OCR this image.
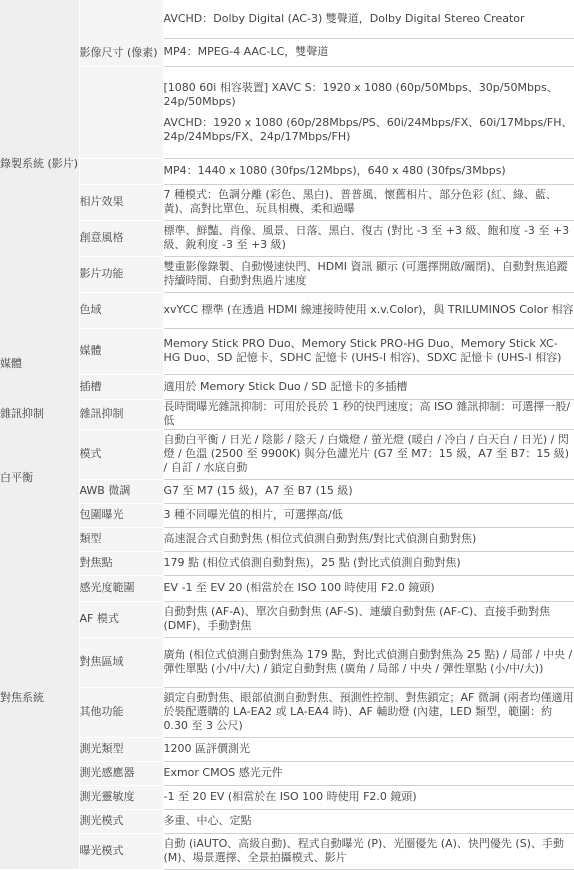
錄製系統 (影片)	影像尺寸 (像素)	AVCHD：Dolby Digital (AC-3) 雙聲道，Dolby Digital Stereo Creator

		MP4：MPEG-4 AAC-LC，雙聲道

		[1080 60i 相容裝置] XAVC S：1920 x 1080 (60p/50Mbps、30p/50Mbps、24p/50Mbps)
AVCHD：1920 x 1080 (60p/28Mbps/PS、60i/24Mbps/FX、60i/17Mbps/FH、24p/24Mbps/FX、24p/17Mbps/FH)

		MP4：1440 x 1080 (30fps/12Mbps)，640 x 480 (30fps/3Mbps)

	相片效果	7 種模式：色調分離 (彩色、黑白)、普普風、懷舊相片、部分色彩 (紅、綠、藍、黃)、高對比單色、玩具相機、柔和過曝
	創意風格	標準、鮮豔、肖像、風景、日落、黑白、復古 (對比 -3 至 +3 級、飽和度 -3 至 +3 級、銳利度 -3 至 +3 級)
	影片功能	雙重影像錄製、自動慢速快門、HDMI 資訊 顯示 (可選擇開啟/關閉)、自動對焦追蹤持續時間、自動對焦過片速度
	色域	xvYCC 標準 (在透過 HDMI 線連接時使用 x.v.Color)，與 TRILUMINOS Color 相容
媒體	媒體	Memory Stick PRO Duo、Memory Stick PRO-HG Duo、Memory Stick XC-HG Duo、SD 記憶卡、SDHC 記憶卡 (UHS-I 相容)、SDXC 記憶卡 (UHS-I 相容)
	插槽	適用於 Memory Stick Duo / SD 記憶卡的多插槽
雜訊抑制	雜訊抑制	長時間曝光雜訊抑制：可用於長於 1 秒的快門速度；高 ISO 雜訊抑制：可選擇一般/低
白平衡	模式	自動白平衡 / 日光 / 陰影 / 陰天 / 白熾燈 / 螢光燈 (暖白 / 冷白 / 白天白 / 日光) / 閃燈 / 色溫 (2500 至 9900K) 與分色濾光片 (G7 至 M7：15 級，A7 至 B7：15 級) / 自訂 / 水底自動
	AWB 微調	G7 至 M7 (15 級)，A7 至 B7 (15 級)
	包圍曝光	3 種不同曝光值的相片，可選擇高/低
對焦系統	類型	高速混合式自動對焦 (相位式偵測自動對焦/對比式偵測自動對焦)
	對焦點	179 點 (相位式偵測自動對焦)，25 點 (對比式偵測自動對焦)
	感光度範圍	EV -1 至 EV 20 (相當於在 ISO 100 時使用 F2.0 鏡頭)
	AF 模式	自動對焦 (AF-A)、單次自動對焦 (AF-S)、連續自動對焦 (AF-C)、直接手動對焦 (DMF)、手動對焦
	對焦區域	廣角 (相位式偵測自動對焦為 179 點，對比式偵測自動對焦為 25 點) / 局部 / 中央 / 彈性單點 (小/中/大) / 鎖定自動對焦 (廣角 / 局部 / 中央 / 彈性單點 (小/中/大))
	其他功能	鎖定自動對焦、眼部偵測自動對焦、預測性控制、對焦鎖定；AF 微調 (兩者均僅適用於裝配選購的 LA-EA2 或 LA-EA4 時)、AF 輔助燈 (內建，LED 類型，範圍：約 0.30 至 3 公尺)
	測光類型	1200 區評價測光
	測光感應器	Exmor CMOS 感光元件
	測光靈敏度	-1 至 20 EV (相當於在 ISO 100 時使用 F2.0 鏡頭)
	測光模式	多重、中心、定點
	曝光模式	自動 (iAUTO、高級自動)、程式自動曝光 (P)、光圈優先 (A)、快門優先 (S)、手動 (M)、場景選擇、全景拍攝模式、影片
